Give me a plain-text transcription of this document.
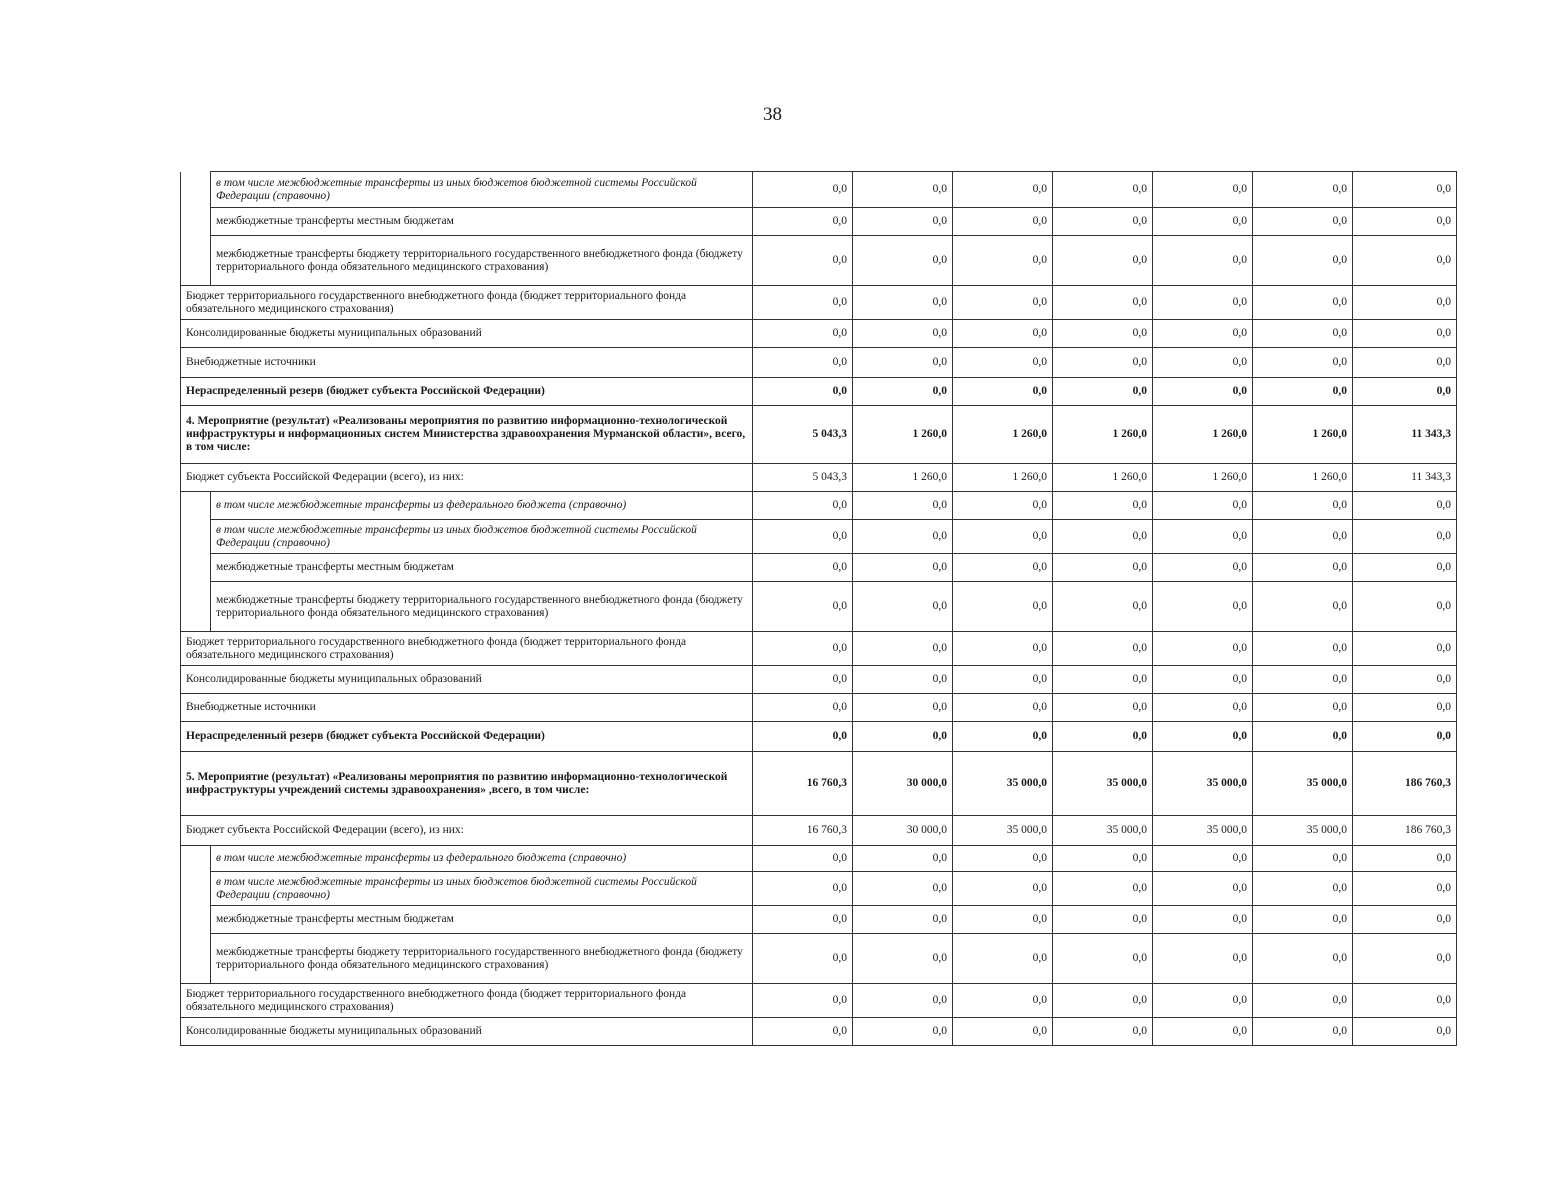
38
	в том числе межбюджетные трансферты из иных бюджетов бюджетной системы Российской Федерации (справочно)	0,0	0,0	0,0	0,0	0,0	0,0	0,0
	межбюджетные трансферты местным бюджетам	0,0	0,0	0,0	0,0	0,0	0,0	0,0
	межбюджетные трансферты бюджету территориального государственного внебюджетного фонда (бюджету территориального фонда обязательного медицинского страхования)	0,0	0,0	0,0	0,0	0,0	0,0	0,0
Бюджет территориального государственного внебюджетного фонда (бюджет территориального фонда обязательного медицинского страхования)		0,0	0,0	0,0	0,0	0,0	0,0	0,0
Консолидированные бюджеты муниципальных образований		0,0	0,0	0,0	0,0	0,0	0,0	0,0
Внебюджетные источники		0,0	0,0	0,0	0,0	0,0	0,0	0,0
Нераспределенный резерв (бюджет субъекта Российской Федерации)		0,0	0,0	0,0	0,0	0,0	0,0	0,0
4. Мероприятие (результат) «Реализованы мероприятия по развитию информационно-технологической инфраструктуры и информационных систем Министерства здравоохранения Мурманской области», всего, в том числе:		5 043,3	1 260,0	1 260,0	1 260,0	1 260,0	1 260,0	11 343,3
Бюджет субъекта Российской Федерации (всего), из них:		5 043,3	1 260,0	1 260,0	1 260,0	1 260,0	1 260,0	11 343,3
	в том числе межбюджетные трансферты из федерального бюджета (справочно)	0,0	0,0	0,0	0,0	0,0	0,0	0,0
	в том числе межбюджетные трансферты из иных бюджетов бюджетной системы Российской Федерации (справочно)	0,0	0,0	0,0	0,0	0,0	0,0	0,0
	межбюджетные трансферты местным бюджетам	0,0	0,0	0,0	0,0	0,0	0,0	0,0
	межбюджетные трансферты бюджету территориального государственного внебюджетного фонда (бюджету территориального фонда обязательного медицинского страхования)	0,0	0,0	0,0	0,0	0,0	0,0	0,0
Бюджет территориального государственного внебюджетного фонда (бюджет территориального фонда обязательного медицинского страхования)		0,0	0,0	0,0	0,0	0,0	0,0	0,0
Консолидированные бюджеты муниципальных образований		0,0	0,0	0,0	0,0	0,0	0,0	0,0
Внебюджетные источники		0,0	0,0	0,0	0,0	0,0	0,0	0,0
Нераспределенный резерв (бюджет субъекта Российской Федерации)		0,0	0,0	0,0	0,0	0,0	0,0	0,0
5. Мероприятие (результат) «Реализованы мероприятия по развитию информационно-технологической инфраструктуры учреждений системы здравоохранения» ,всего, в том числе:		16 760,3	30 000,0	35 000,0	35 000,0	35 000,0	35 000,0	186 760,3
Бюджет субъекта Российской Федерации (всего), из них:		16 760,3	30 000,0	35 000,0	35 000,0	35 000,0	35 000,0	186 760,3
	в том числе межбюджетные трансферты из федерального бюджета (справочно)	0,0	0,0	0,0	0,0	0,0	0,0	0,0
	в том числе межбюджетные трансферты из иных бюджетов бюджетной системы Российской Федерации (справочно)	0,0	0,0	0,0	0,0	0,0	0,0	0,0
	межбюджетные трансферты местным бюджетам	0,0	0,0	0,0	0,0	0,0	0,0	0,0
	межбюджетные трансферты бюджету территориального государственного внебюджетного фонда (бюджету территориального фонда обязательного медицинского страхования)	0,0	0,0	0,0	0,0	0,0	0,0	0,0
Бюджет территориального государственного внебюджетного фонда (бюджет территориального фонда обязательного медицинского страхования)		0,0	0,0	0,0	0,0	0,0	0,0	0,0
Консолидированные бюджеты муниципальных образований		0,0	0,0	0,0	0,0	0,0	0,0	0,0
